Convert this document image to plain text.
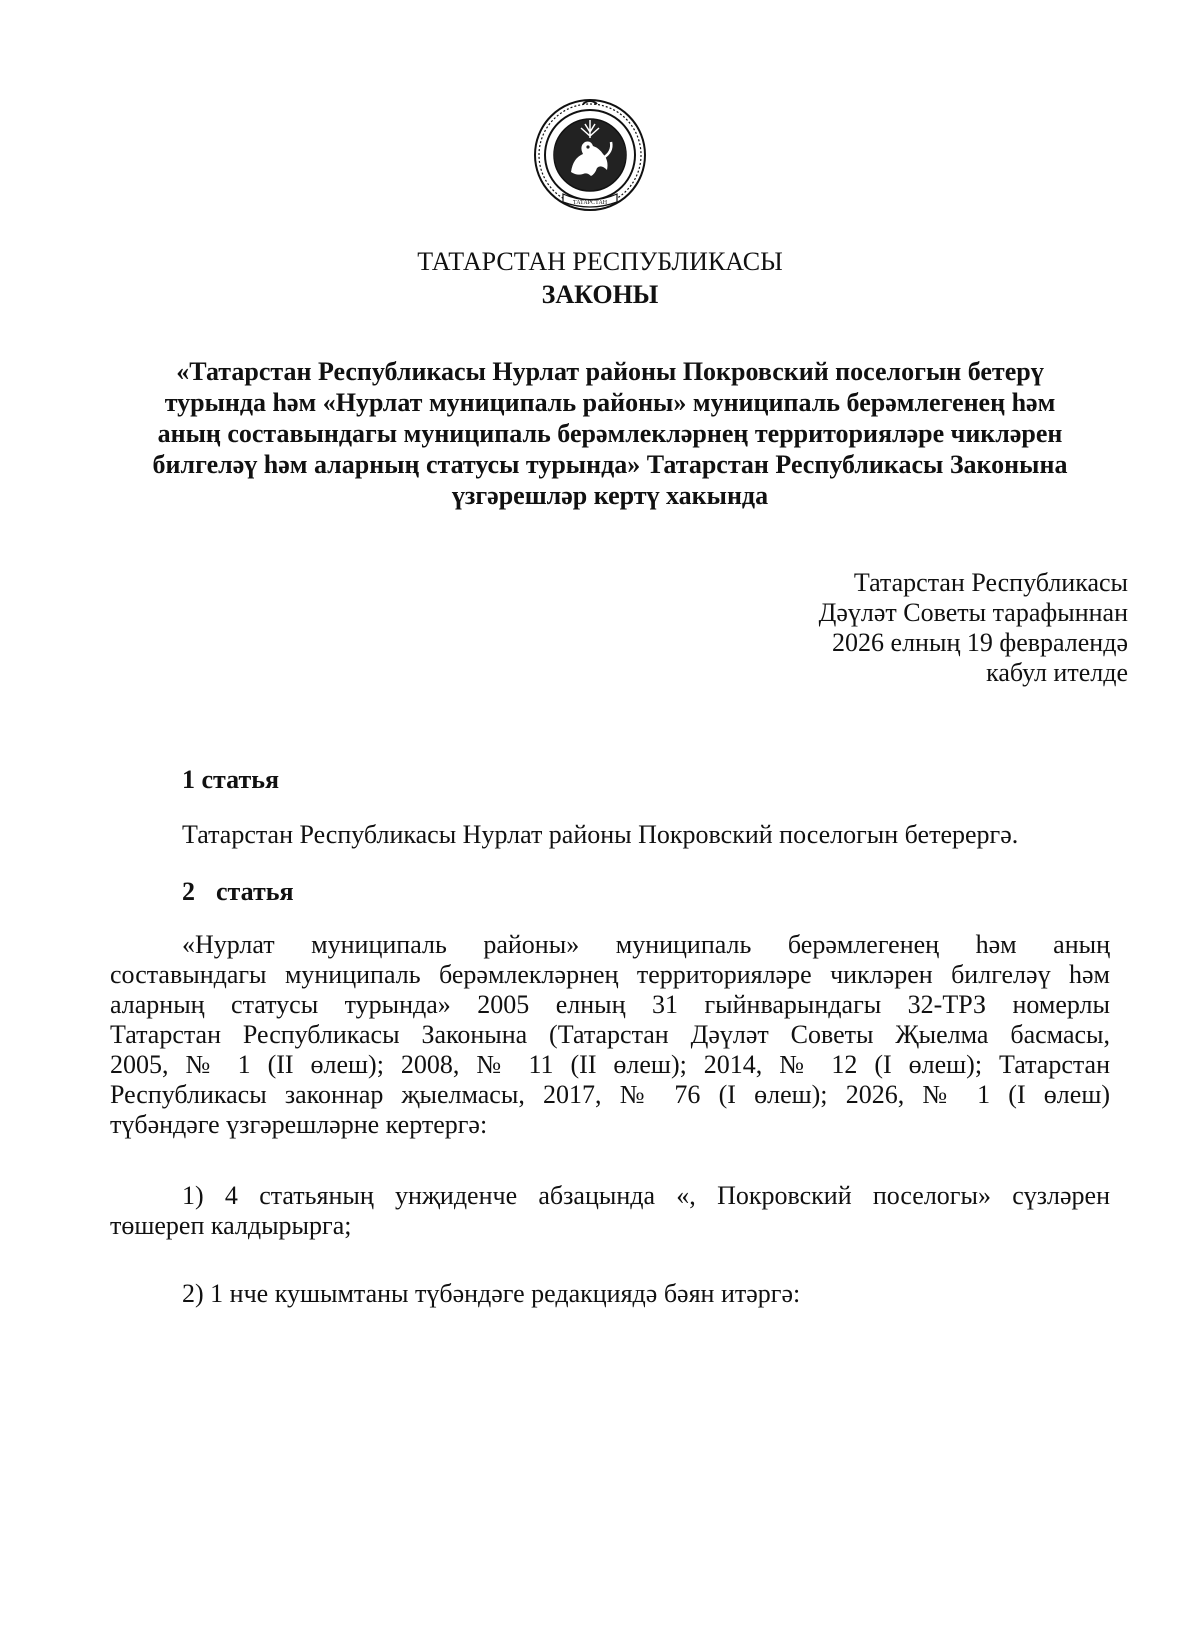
ТАТАРСТАН
ТАТАРСТАН РЕСПУБЛИКАСЫ
ЗАКОНЫ
«Татарстан Республикасы Нурлат районы Покровский поселогын бетерү
турында һәм «Нурлат муниципаль районы» муниципаль берәмлегенең һәм
аның составындагы муниципаль берәмлекләрнең территорияләре чикләрен
билгеләү һәм аларның статусы турында» Татарстан Республикасы Законына
үзгәрешләр кертү хакында
Татарстан Республикасы
Дәүләт Советы тарафыннан
2026 елның 19 февралендә
кабул ителде
1 статья
Татарстан Республикасы Нурлат районы Покровский поселогын бетерергә.
2 статья
«Нурлат муниципаль районы» муниципаль берәмлегенең һәм аның
составындагы муниципаль берәмлекләрнең территорияләре чикләрен билгеләү һәм
аларның статусы турында» 2005 елның 31 гыйнварындагы 32-ТРЗ номерлы
Татарстан Республикасы Законына (Татарстан Дәүләт Советы Җыелма басмасы,
2005, № 1 (II өлеш); 2008, № 11 (II өлеш); 2014, № 12 (I өлеш); Татарстан
Республикасы законнар җыелмасы, 2017, № 76 (I өлеш); 2026, № 1 (I өлеш)
түбәндәге үзгәрешләрне кертергә:
1) 4 статьяның унҗиденче абзацында «, Покровский поселогы» сүзләрен
төшереп калдырырга;
2) 1 нче кушымтаны түбәндәге редакциядә бәян итәргә:
